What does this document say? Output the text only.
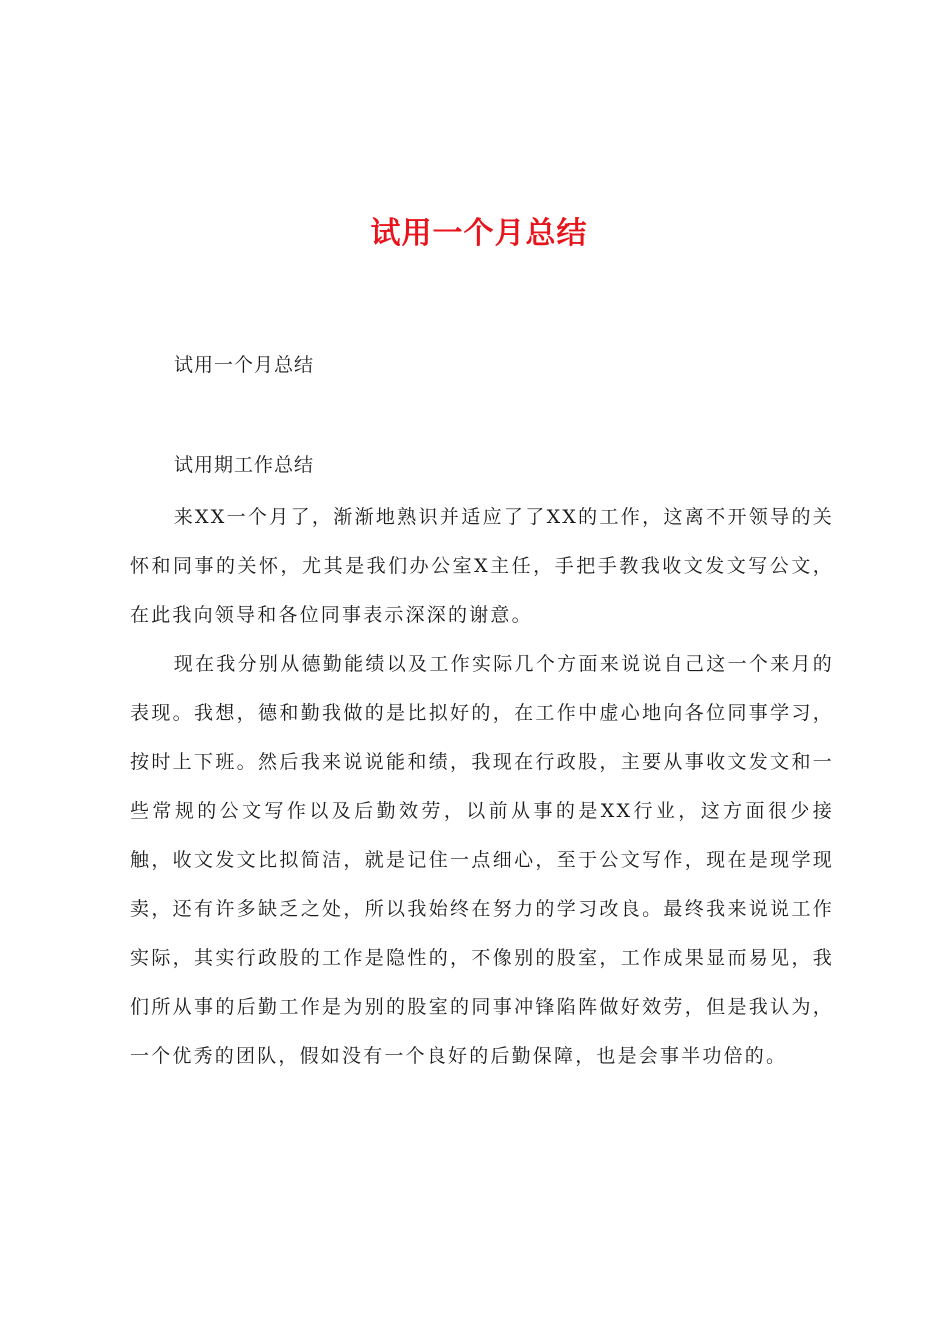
试用一个月总结
试用一个月总结
试用期工作总结

来XX一个月了，渐渐地熟识并适应了了XX的工作，这离不开领导的关怀和同事的关怀，尤其是我们办公室X主任，手把手教我收文发文写公文，在此我向领导和各位同事表示深深的谢意。

现在我分别从德勤能绩以及工作实际几个方面来说说自己这一个来月的表现。我想，德和勤我做的是比拟好的，在工作中虚心地向各位同事学习，按时上下班。然后我来说说能和绩，我现在行政股，主要从事收文发文和一些常规的公文写作以及后勤效劳，以前从事的是XX行业，这方面很少接触，收文发文比拟简洁，就是记住一点细心，至于公文写作，现在是现学现卖，还有许多缺乏之处，所以我始终在努力的学习改良。最终我来说说工作实际，其实行政股的工作是隐性的，不像别的股室，工作成果显而易见，我们所从事的后勤工作是为别的股室的同事冲锋陷阵做好效劳，但是我认为，一个优秀的团队，假如没有一个良好的后勤保障，也是会事半功倍的。
